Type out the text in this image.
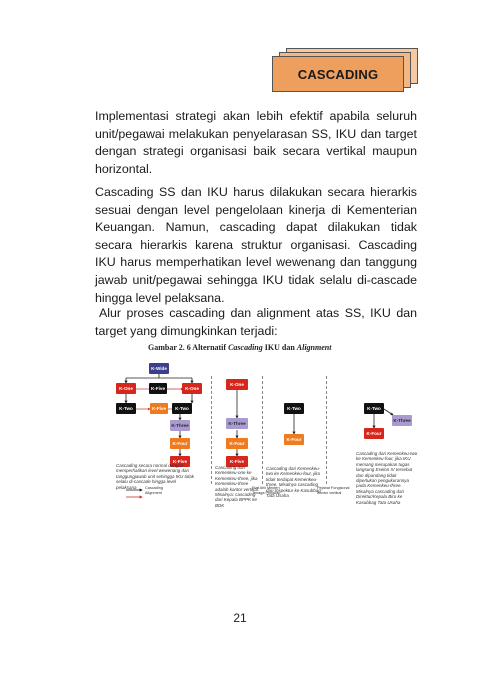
CASCADING

Implementasi strategi akan lebih efektif apabila seluruh unit/pegawai melakukan penyelarasan SS, IKU dan target dengan strategi organisasi baik secara vertikal maupun horizontal.

Cascading SS dan IKU harus dilakukan secara hierarkis sesuai dengan level pengelolaan kinerja di Kementerian Keuangan. Namun, cascading dapat dilakukan tidak secara hierarkis karena struktur organisasi. Cascading IKU harus memperhatikan level wewenang dan tanggung jawab unit/pegawai sehingga IKU tidak selalu di-cascade hingga level pelaksana.

Alur proses cascading dan alignment atas SS, IKU dan target yang dimungkinkan terjadi:

Gambar 2. 6 Alternatif Cascading IKU dan Alignment
K-Wide
K-One	K-Five	K-One
K-Two	K-Five	K-Two
K-Three
K-Four
K-Five
K-One
K-Three
K-Four
K-Five
K-Two
K-Four
K-Two
K-Three
K-Four
Cascading secara normal dengan memperhatikan level wewenang dan tanggungjawab unit sehingga IKU tidak selalu di-cascade hingga level pelaksana
Cascading dari Kemenkeu-one ke Kemenkeu-three, jika Kemenkeu-three adalah kantor vertikal. Misalnya: cascading dari Kepala BPPK ke BDK
Cascading dari Kemenkeu-two ke Kemenkeu-four, jika tidak terdapat Kemenkeu-three. Misalnya cascading dari Inspektur ke Kasubbag Tata Usaha
Cascading dari Kemenkeu-two ke Kemenkeu-four, jika IKU memang merupakan tugas langsung Eselon IV tersebut dan dipandang tidak diperlukan pengukurannya pada Kemenkeu-three. Misalnya cascading dari Direktur/Kepala Biro ke Kasubbag Tata Usaha
Cascading
Alignment
Staf Ahli Menteri
Tenaga Pengkaji
Pejabat Fungsional
Kantor vertikal
21
